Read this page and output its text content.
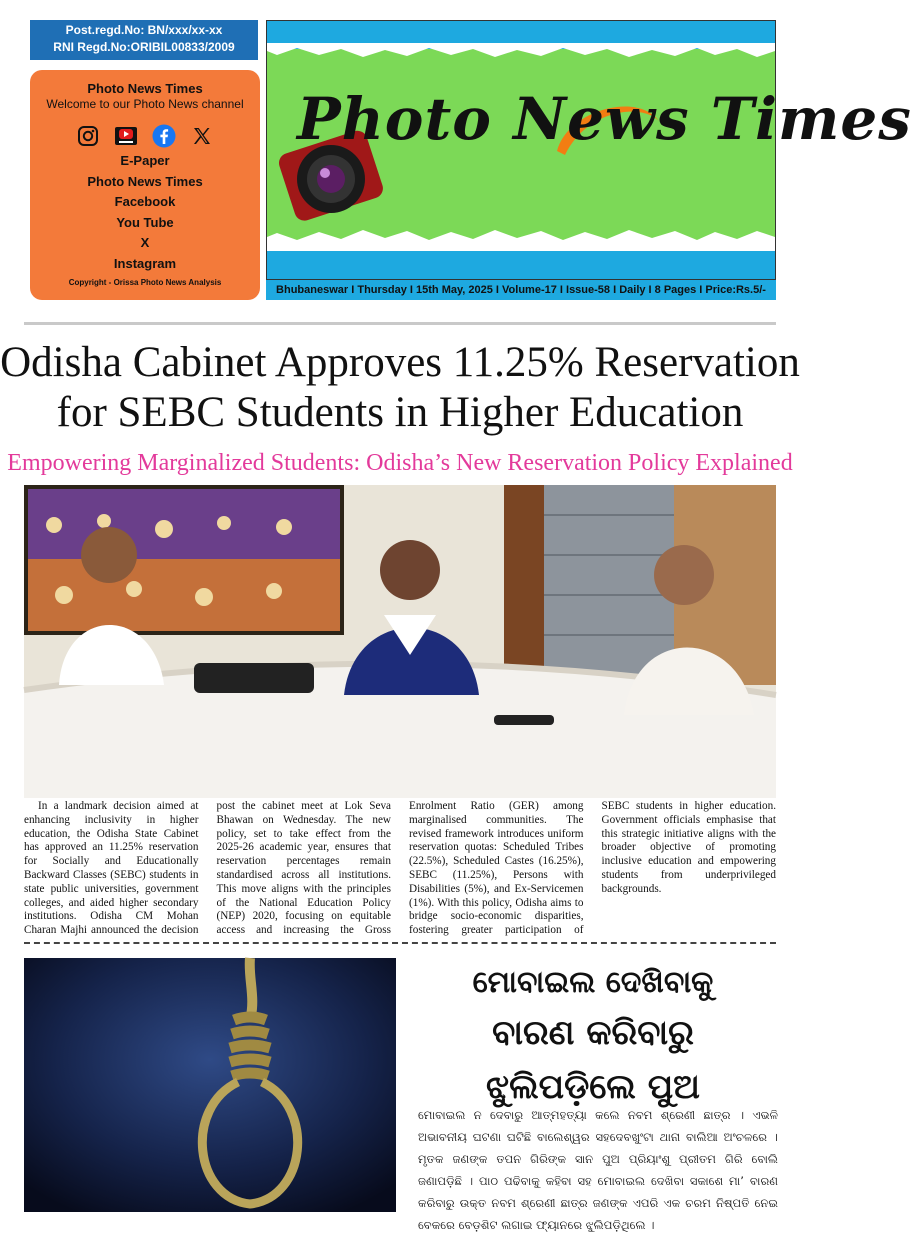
Post.regd.No: BN/xxx/xx-xx
RNI Regd.No:ORIBIL00833/2009
Photo News Times
Welcome to our Photo News channel
E-Paper
Photo News Times
Facebook
You Tube
X
Instagram
Copyright - Orissa Photo News Analysis
Photo News Times
Bhubaneswar I Thursday I 15th May, 2025 I Volume-17 I Issue-58 I Daily I 8 Pages I Price:Rs.5/-
Odisha Cabinet Approves 11.25% Reservation
for SEBC Students in Higher Education
Empowering Marginalized Students: Odisha’s New Reservation Policy Explained

In a landmark decision aimed at enhancing inclusivity in higher education, the Odisha State Cabinet has approved an 11.25% reservation for Socially and Educationally Backward Classes (SEBC) students in state public universities, government colleges, and aided higher secondary institutions. Odisha CM Mohan Charan Majhi announced the decision post the cabinet meet at Lok Seva Bhawan on Wednesday. The new policy, set to take effect from the 2025-26 academic year, ensures that reservation percentages remain standardised across all institutions. This move aligns with the principles of the National Education Policy (NEP) 2020, focusing on equitable access and increasing the Gross Enrolment Ratio (GER) among marginalised communities. The revised framework introduces uniform reservation quotas: Scheduled Tribes (22.5%), Scheduled Castes (16.25%), SEBC (11.25%), Persons with Disabilities (5%), and Ex-Servicemen (1%). With this policy, Odisha aims to bridge socio-economic disparities, fostering greater participation of SEBC students in higher education. Government officials emphasise that this strategic initiative aligns with the broader objective of promoting inclusive education and empowering students from underprivileged backgrounds.

ମୋବାଇଲ ଦେଖିବାକୁ
ବାରଣ କରିବାରୁ
ଝୁଲିପଡ଼ିଲେ ପୁଅ
ମୋବାଇଲ ନ ଦେବାରୁ ଆତ୍ମହତ୍ୟା କଲେ ନବମ ଶ୍ରେଣୀ ଛାତ୍ର । ଏଭଳି ଅଭାବନୀୟ ଘଟଣା ଘଟିଛି ବାଲେଶ୍ୱର ସହଦେବଖୁଂଟା ଥାନା ବାଲିଆ ଅଂଚଳରେ । ମୃତକ ଜଣଙ୍କ ତପନ ଗିରିଙ୍କ ସାନ ପୁଅ ପ୍ରିୟାଂଶୁ ପ୍ରୀତମ ଗିରି ବୋଲି ଜଣାପଡ଼ିଛି । ପାଠ ପଢିବାକୁ କହିବା ସହ ମୋବାଇଲ ଦେଖିବା ସକାଶେ ମା’ ବାରଣ କରିବାରୁ ଉକ୍ତ ନବମ ଶ୍ରେଣୀ ଛାତ୍ର ଜଣଙ୍କ ଏପରି ଏକ ଚରମ ନିଷ୍ପତି ନେଇ ବେକରେ ବେଡ଼ଶିଟ ଲଗାଇ ଫ୍ୟାନରେ ଝୁଲିପଡ଼ିଥିଲେ ।
